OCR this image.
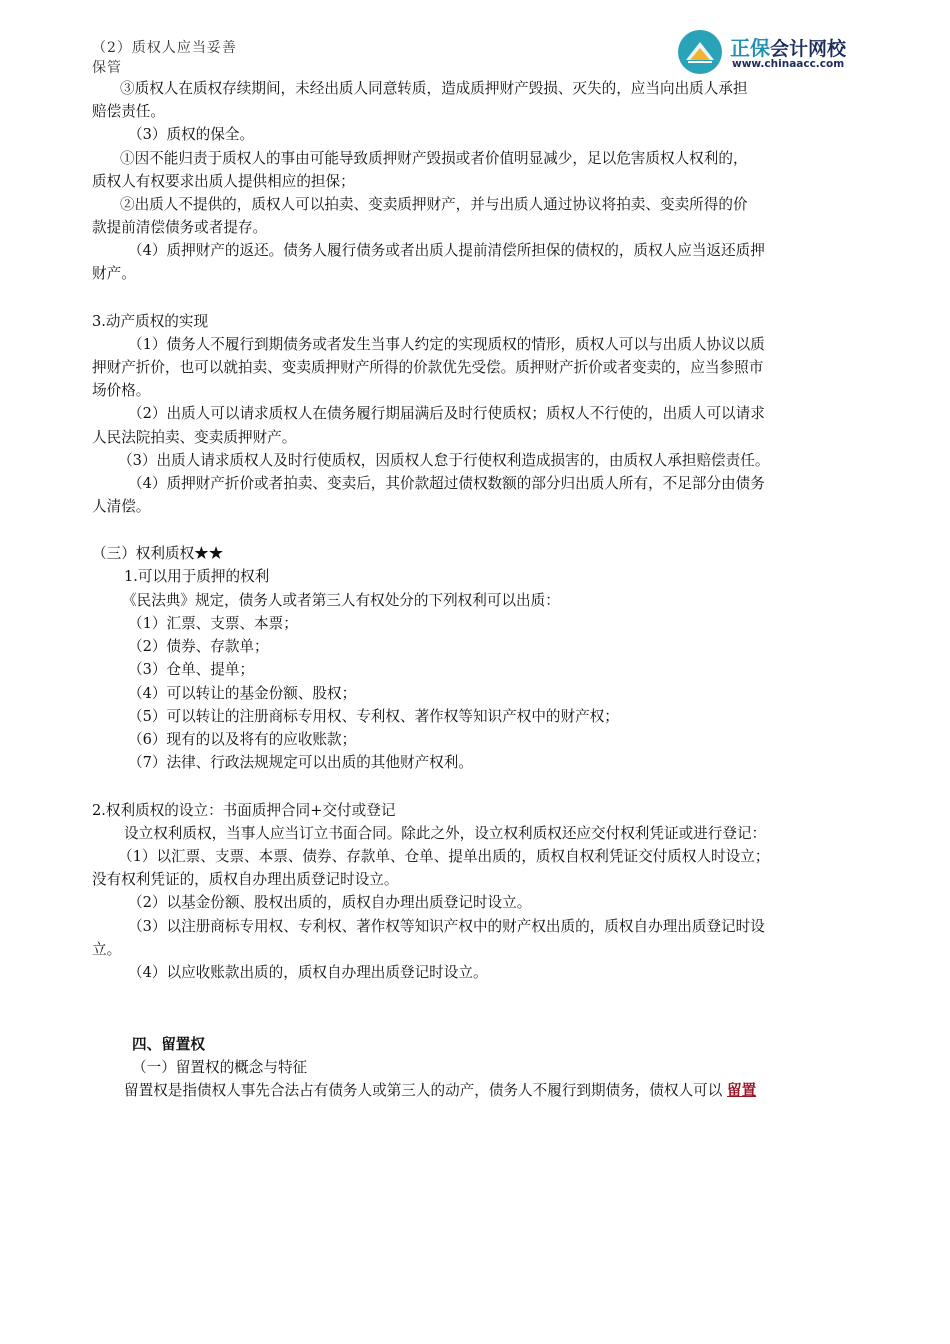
正保会计网校
www.chinaacc.com
（2）质权人应当妥善保管
③质权人在质权存续期间，未经出质人同意转质，造成质押财产毁损、灭失的，应当向出质人承担
赔偿责任。
（3）质权的保全。
①因不能归责于质权人的事由可能导致质押财产毁损或者价值明显减少，足以危害质权人权利的，
质权人有权要求出质人提供相应的担保；
②出质人不提供的，质权人可以拍卖、变卖质押财产，并与出质人通过协议将拍卖、变卖所得的价
款提前清偿债务或者提存。
（4）质押财产的返还。债务人履行债务或者出质人提前清偿所担保的债权的，质权人应当返还质押
财产。
3.动产质权的实现
（1）债务人不履行到期债务或者发生当事人约定的实现质权的情形，质权人可以与出质人协议以质
押财产折价，也可以就拍卖、变卖质押财产所得的价款优先受偿。质押财产折价或者变卖的，应当参照市
场价格。
（2）出质人可以请求质权人在债务履行期届满后及时行使质权；质权人不行使的，出质人可以请求
人民法院拍卖、变卖质押财产。
（3）出质人请求质权人及时行使质权，因质权人怠于行使权利造成损害的，由质权人承担赔偿责任。
（4）质押财产折价或者拍卖、变卖后，其价款超过债权数额的部分归出质人所有，不足部分由债务
人清偿。
（三）权利质权★★
1.可以用于质押的权利
《民法典》规定，债务人或者第三人有权处分的下列权利可以出质：
（1）汇票、支票、本票；
（2）债券、存款单；
（3）仓单、提单；
（4）可以转让的基金份额、股权；
（5）可以转让的注册商标专用权、专利权、著作权等知识产权中的财产权；
（6）现有的以及将有的应收账款；
（7）法律、行政法规规定可以出质的其他财产权利。
2.权利质权的设立：书面质押合同+交付或登记
设立权利质权，当事人应当订立书面合同。除此之外，设立权利质权还应交付权利凭证或进行登记：
（1）以汇票、支票、本票、债券、存款单、仓单、提单出质的，质权自权利凭证交付质权人时设立；
没有权利凭证的，质权自办理出质登记时设立。
（2）以基金份额、股权出质的，质权自办理出质登记时设立。
（3）以注册商标专用权、专利权、著作权等知识产权中的财产权出质的，质权自办理出质登记时设
立。
（4）以应收账款出质的，质权自办理出质登记时设立。
四、留置权
（一）留置权的概念与特征
留置权是指债权人事先合法占有债务人或第三人的动产，债务人不履行到期债务，债权人可以 留置
